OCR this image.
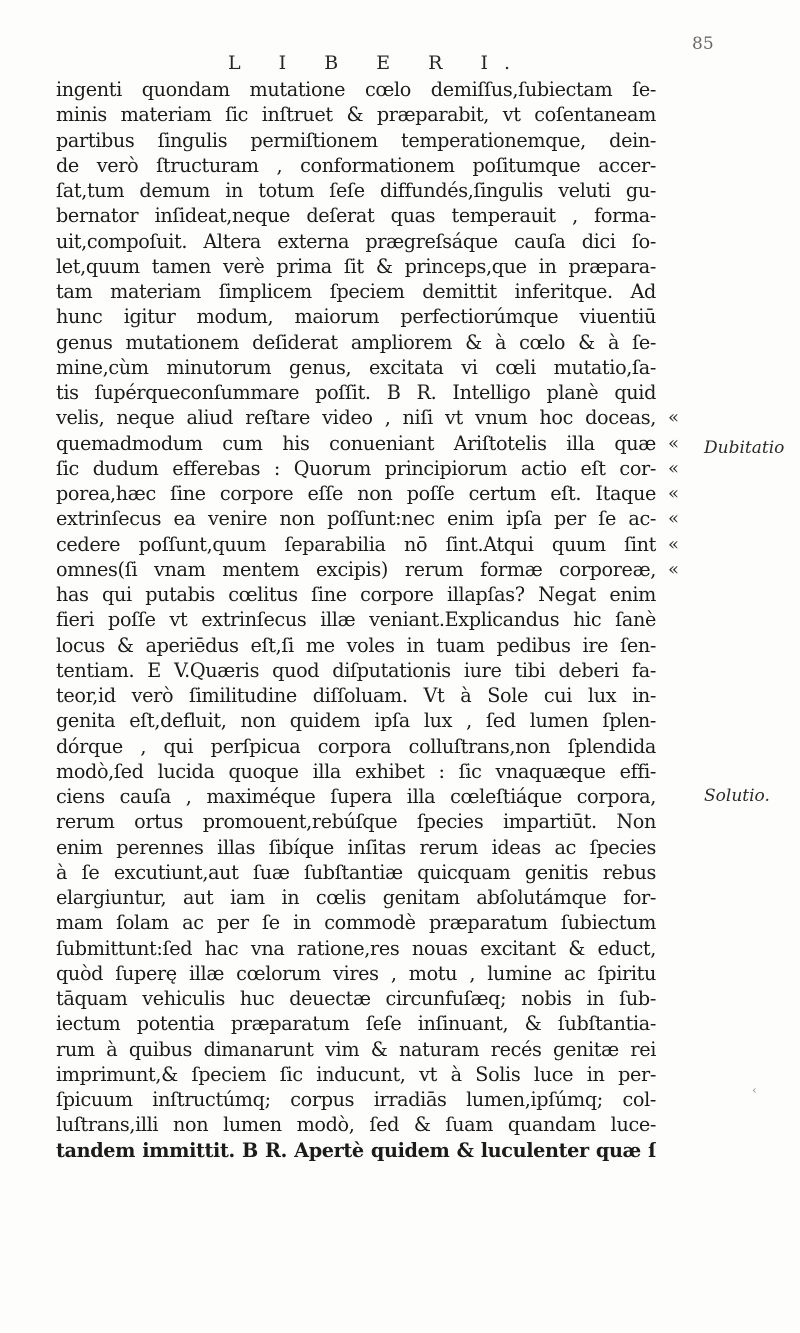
L I B E R I.
85
ingenti quondam mutatione cœlo demiſſus,ſubiectam ſe-
minis materiam ſic inſtruet & præparabit, vt coſentaneam
partibus ſingulis permiſtionem temperationemque, dein-
de verò ſtructuram , conformationem poſitumque accer-
ſat,tum demum in totum ſeſe diffundés,ſingulis veluti gu-
bernator inſideat,neque deſerat quas temperauit , forma-
uit,compoſuit. Altera externa prægreſsáque cauſa dici ſo-
let,quum tamen verè prima ſit & princeps,que in præpara-
tam materiam ſimplicem ſpeciem demittit inferitque. Ad
hunc igitur modum, maiorum perfectiorúmque viuentiū
genus mutationem deſiderat ampliorem & à cœlo & à ſe-
mine,cùm minutorum genus, excitata vi cœli mutatio,ſa-
tis ſupérqueconſummare poſſit. B R. Intelligo planè quid
velis, neque aliud reſtare video , niſi vt vnum hoc doceas,
quemadmodum cum his conueniant Ariſtotelis illa quæ
ſic dudum efferebas : Quorum principiorum actio eſt cor-
porea,hæc ſine corpore eſſe non poſſe certum eſt. Itaque
extrinſecus ea venire non poſſunt:nec enim ipſa per ſe ac-
cedere poſſunt,quum ſeparabilia nō ſint.Atqui quum ſint
omnes(ſi vnam mentem excipis) rerum formæ corporeæ,
has qui putabis cœlitus ſine corpore illapſas? Negat enim
fieri poſſe vt extrinſecus illæ veniant.Explicandus hic ſanè
locus & aperiēdus eſt,ſi me voles in tuam pedibus ire ſen-
tentiam. E V.Quæris quod diſputationis iure tibi deberi fa-
teor,id verò ſimilitudine diſſoluam. Vt à Sole cui lux in-
genita eſt,defluit, non quidem ipſa lux , ſed lumen ſplen-
dórque , qui perſpicua corpora colluſtrans,non ſplendida
modò,ſed lucida quoque illa exhibet : ſic vnaquæque effi-
ciens cauſa , maximéque ſupera illa cœleſtiáque corpora,
rerum ortus promouent,rebúſque ſpecies impartiūt. Non
enim perennes illas ſibíque inſitas rerum ideas ac ſpecies
à ſe excutiunt,aut ſuæ ſubſtantiæ quicquam genitis rebus
elargiuntur, aut iam in cœlis genitam abſolutámque for-
mam ſolam ac per ſe in commodè præparatum ſubiectum
ſubmittunt:ſed hac vna ratione,res nouas excitant & educt,
quòd ſuperę illæ cœlorum vires , motu , lumine ac ſpiritu
tāquam vehiculis huc deuectæ circunfuſæq; nobis in ſub-
iectum potentia præparatum ſeſe inſinuant, & ſubſtantia-
rum à quibus dimanarunt vim & naturam recés genitæ rei
imprimunt,& ſpeciem ſic inducunt, vt à Solis luce in per-
ſpicuum inſtructúmq; corpus irradiās lumen,ipſúmq; col-
luſtrans,illi non lumen modò, ſed & ſuam quandam luce-
tandem immittit. B R. Apertè quidem & luculenter quæ ſ
«
«
«
«
«
«
«
Dubitatio
Solutio.
‹
